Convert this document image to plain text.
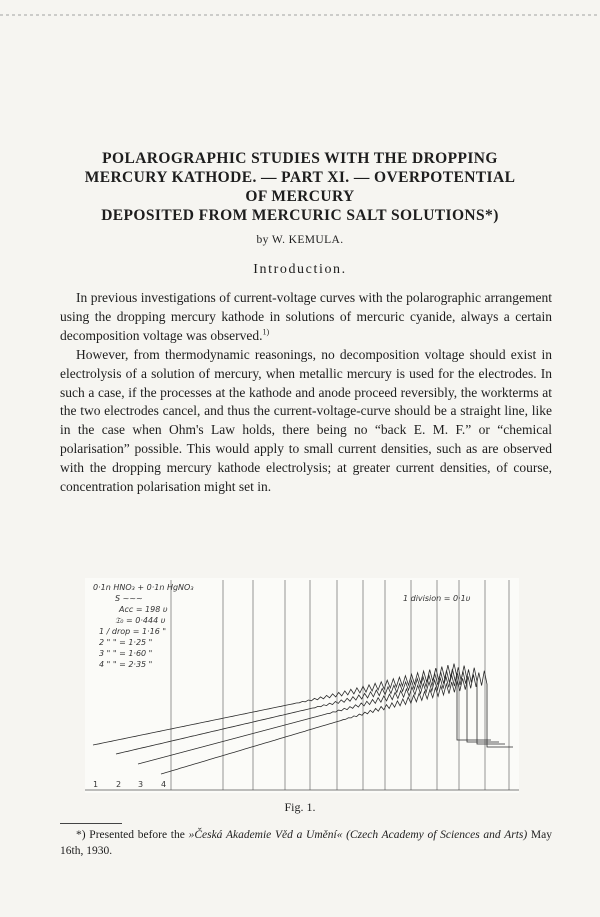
POLAROGRAPHIC STUDIES WITH THE DROPPING
MERCURY KATHODE. — PART XI. — OVERPOTENTIAL
OF MERCURY
DEPOSITED FROM MERCURIC SALT SOLUTIONS*)
by W. KEMULA.
Introduction.

In previous investigations of current-voltage curves with the polarographic arrangement using the dropping mercury kathode in solutions of mercuric cyanide, always a certain decomposition voltage was observed.$^{1)}$

However, from thermodynamic reasonings, no decomposition voltage should exist in electrolysis of a solution of mercury, when metallic mercury is used for the electrodes. In such a case, if the processes at the kathode and anode proceed reversibly, the workterms at the two electrodes cancel, and thus the current-voltage-curve should be a straight line, like in the case when Ohm's Law holds, there being no “back E. M. F.” or “chemical polarisation” possible. This would apply to small current densities, such as are observed with the dropping mercury kathode electrolysis; at greater current densities, of course, concentration polarisation might set in.

0·1n HNO₃ + 0·1n HgNO₃
S ~~~
Acc = 198 υ
𝔗₀ = 0·444 υ
1 / drop = 1·16 "
2 " " = 1·25 "
3 " " = 1·60 "
4 " " = 2·35 "
1 division = 0·1υ
1 2 3 4
Fig. 1.
*) Presented before the »Česká Akademie Věd a Umění« (Czech Academy of Sciences and Arts) May 16th, 1930.
